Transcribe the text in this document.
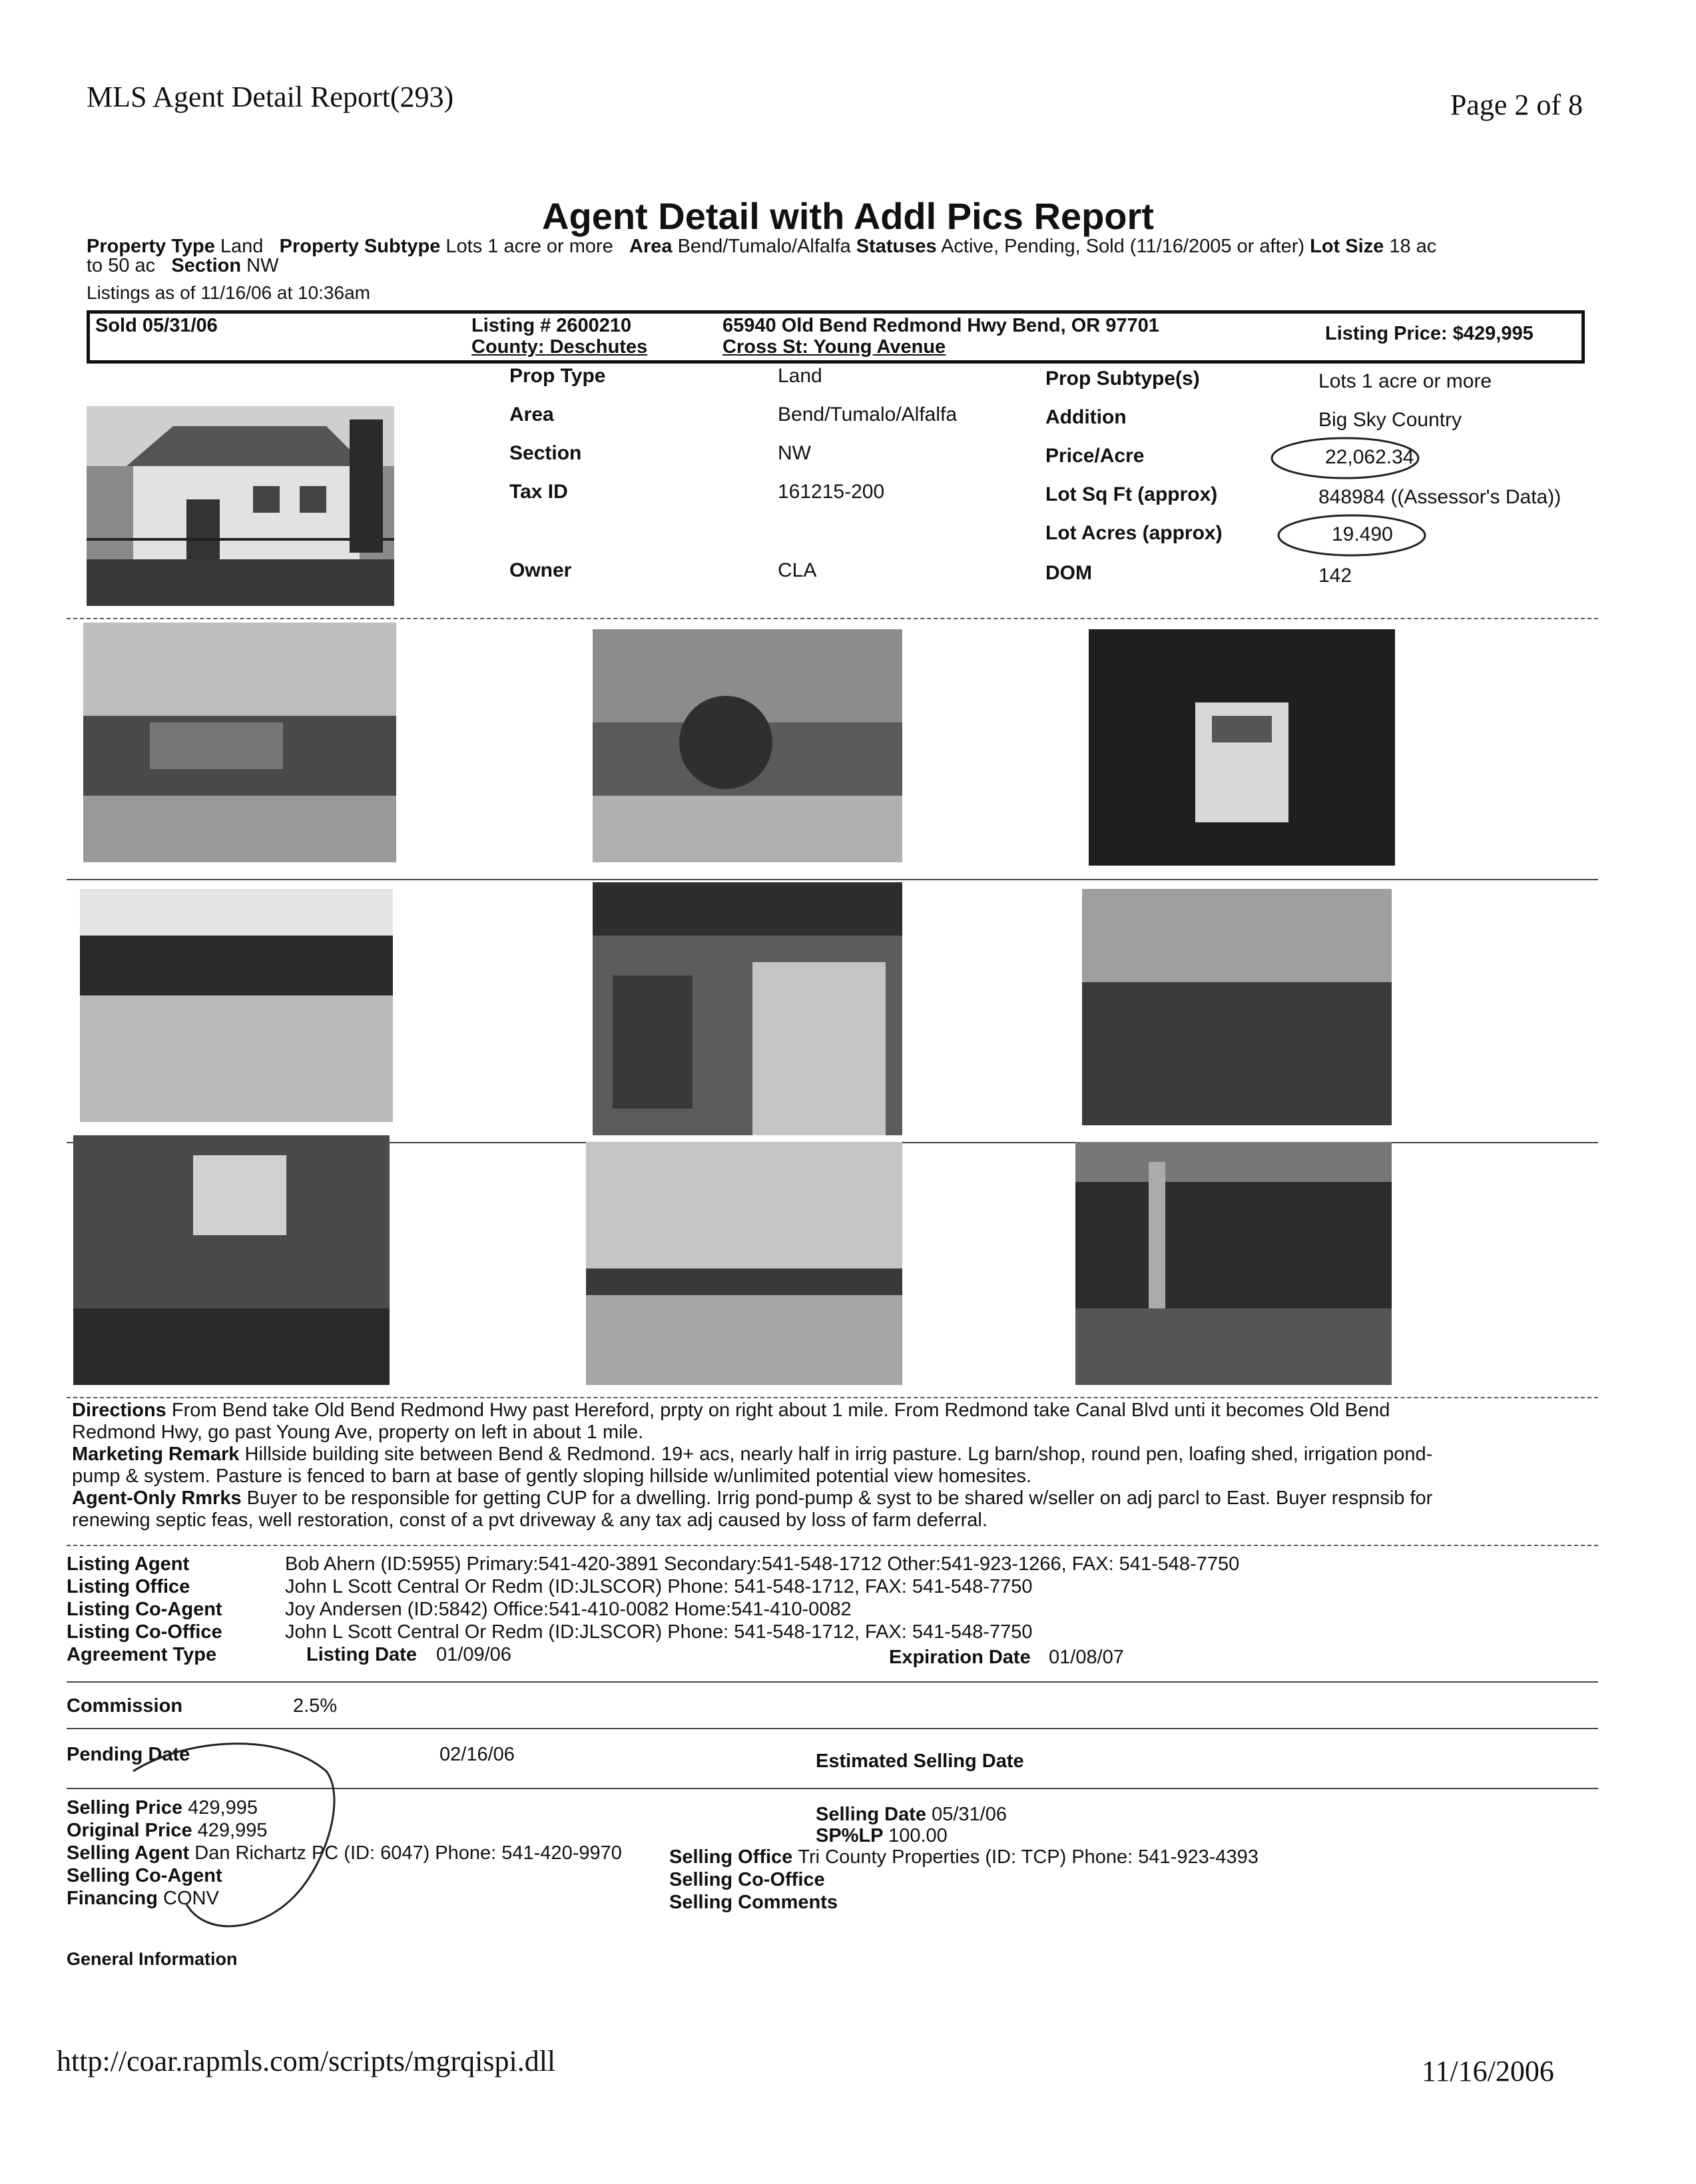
MLS Agent Detail Report(293)	Page 2 of 8
Agent Detail with Addl Pics Report
Property Type Land Property Subtype Lots 1 acre or more Area Bend/Tumalo/Alfalfa Statuses Active, Pending, Sold (11/16/2005 or after) Lot Size 18 ac
to 50 ac Section NW
Listings as of 11/16/06 at 10:36am
Sold 05/31/06	Listing # 2600210
County: Deschutes
65940 Old Bend Redmond Hwy Bend, OR 97701
Cross St: Young Avenue
Listing Price: $429,995
Prop Type	Land
Area	Bend/Tumalo/Alfalfa
Section	NW
Tax ID	161215-200
Owner	CLA
Prop Subtype(s)	Lots 1 acre or more
Addition	Big Sky Country
Price/Acre	22,062.34
Lot Sq Ft (approx)	848984 ((Assessor's Data))
Lot Acres (approx)	19.490
DOM	142
Directions From Bend take Old Bend Redmond Hwy past Hereford, prpty on right about 1 mile. From Redmond take Canal Blvd unti it becomes Old Bend
Redmond Hwy, go past Young Ave, property on left in about 1 mile.
Marketing Remark Hillside building site between Bend & Redmond. 19+ acs, nearly half in irrig pasture. Lg barn/shop, round pen, loafing shed, irrigation pond-
pump & system. Pasture is fenced to barn at base of gently sloping hillside w/unlimited potential view homesites.
Agent-Only Rmrks Buyer to be responsible for getting CUP for a dwelling. Irrig pond-pump & syst to be shared w/seller on adj parcl to East. Buyer respnsib for
renewing septic feas, well restoration, const of a pvt driveway & any tax adj caused by loss of farm deferral.
Listing Agent	Bob Ahern (ID:5955) Primary:541-420-3891 Secondary:541-548-1712 Other:541-923-1266, FAX: 541-548-7750
Listing Office	John L Scott Central Or Redm (ID:JLSCOR) Phone: 541-548-1712, FAX: 541-548-7750
Listing Co-Agent	Joy Andersen (ID:5842) Office:541-410-0082 Home:541-410-0082
Listing Co-Office	John L Scott Central Or Redm (ID:JLSCOR) Phone: 541-548-1712, FAX: 541-548-7750
Agreement Type	Listing Date 01/09/06	Expiration Date 01/08/07
Commission	2.5%
Pending Date	02/16/06	Estimated Selling Date
Selling Price 429,995
Original Price 429,995
Selling Agent Dan Richartz PC (ID: 6047) Phone: 541-420-9970
Selling Co-Agent
Financing CONV
Selling Date 05/31/06
SP%LP 100.00
Selling Office Tri County Properties (ID: TCP) Phone: 541-923-4393
Selling Co-Office
Selling Comments
General Information
http://coar.rapmls.com/scripts/mgrqispi.dll	11/16/2006
